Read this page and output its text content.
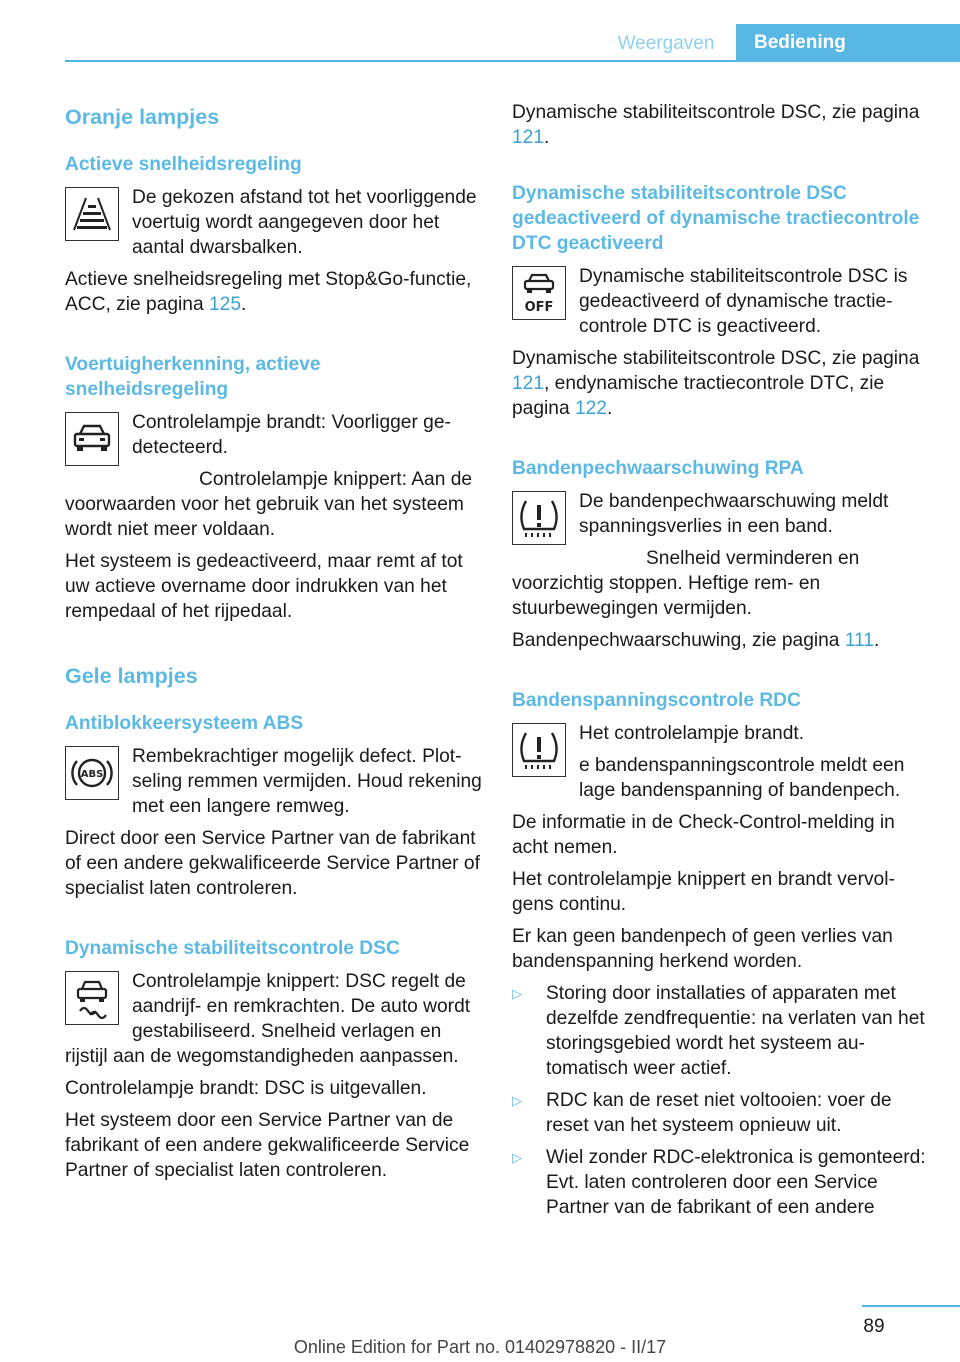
Weergaven	Bediening
Oranje lampjes
Actieve snelheidsregeling

De gekozen afstand tot het voorliggende voertuig wordt aangegeven door het aantal dwarsbalken.

Actieve snelheidsregeling met Stop&Go-functie, ACC, zie pagina 125.

Voertuigherkenning, actieve snelheidsregeling

Controlelampje brandt: Voorligger gedetecteerd.

Controlelampje knippert: Aan de voorwaarden voor het gebruik van het systeem wordt niet meer voldaan.

Het systeem is gedeactiveerd, maar remt af tot uw actieve overname door indrukken van het rempedaal of het rijpedaal.

Gele lampjes
Antiblokkeersysteem ABS
ABS

Rembekrachtiger mogelijk defect. Plotseling remmen vermijden. Houd rekening met een langere remweg.

Direct door een Service Partner van de fabrikant of een andere gekwalificeerde Service Partner of specialist laten controleren.

Dynamische stabiliteitscontrole DSC

Controlelampje knippert: DSC regelt de aandrijf- en remkrachten. De auto wordt gestabiliseerd. Snelheid verlagen en rijstijl aan de wegomstandigheden aanpassen.

Controlelampje brandt: DSC is uitgevallen.

Het systeem door een Service Partner van de fabrikant of een andere gekwalificeerde Service Partner of specialist laten controleren.

Dynamische stabiliteitscontrole DSC, zie pagina 121.

Dynamische stabiliteitscontrole DSC gedeactiveerd of dynamische tractiecontrole DTC geactiveerd
OFF

Dynamische stabiliteitscontrole DSC is gedeactiveerd of dynamische tractiecontrole DTC is geactiveerd.

Dynamische stabiliteitscontrole DSC, zie pagina 121, endynamische tractiecontrole DTC, zie pagina 122.

Bandenpechwaarschuwing RPA

De bandenpechwaarschuwing meldt spanningsverlies in een band.

Snelheid verminderen en voorzichtig stoppen. Heftige rem- en stuurbewegingen vermijden.

Bandenpechwaarschuwing, zie pagina 111.

Bandenspanningscontrole RDC

Het controlelampje brandt.

e bandenspanningscontrole meldt een lage bandenspanning of bandenpech.

De informatie in de Check-Control-melding in acht nemen.

Het controlelampje knippert en brandt vervolgens continu.

Er kan geen bandenpech of geen verlies van bandenspanning herkend worden.

▷ Storing door installaties of apparaten met dezelfde zendfrequentie: na verlaten van het storingsgebied wordt het systeem automatisch weer actief.
▷ RDC kan de reset niet voltooien: voer de reset van het systeem opnieuw uit.
▷ Wiel zonder RDC-elektronica is gemonteerd: Evt. laten controleren door een Service Partner van de fabrikant of een andere
89
Online Edition for Part no. 01402978820 - II/17
